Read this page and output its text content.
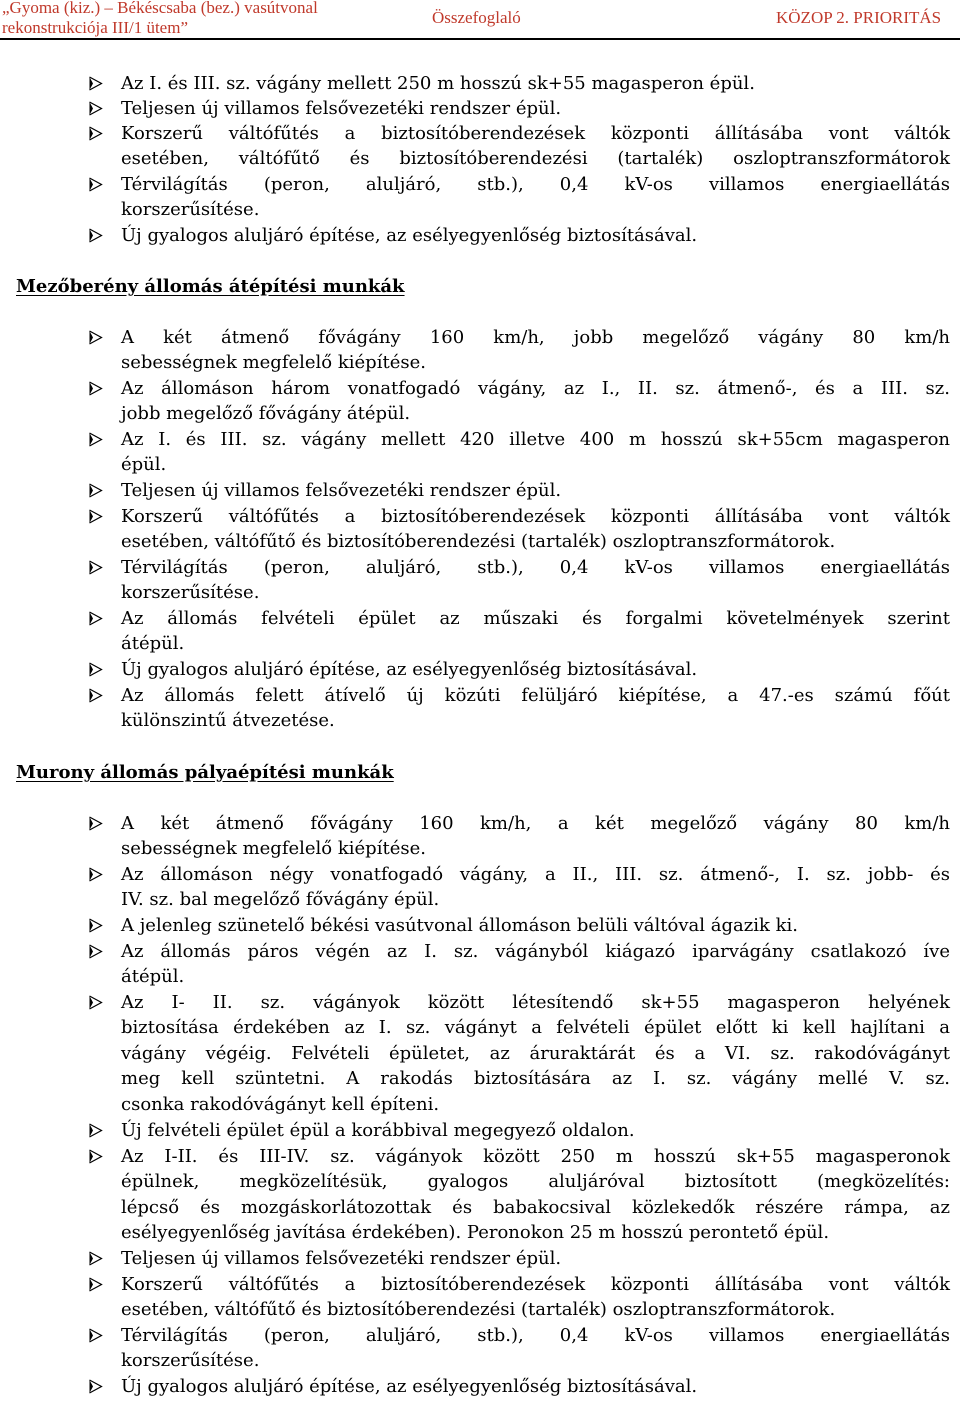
„Gyoma (kiz.) – Békéscsaba (bez.) vasútvonal
rekonstrukciója III/1 ütem”
Összefoglaló	KÖZOP 2. PRIORITÁS
Az I. és III. sz. vágány mellett 250 m hosszú sk+55 magasperon épül.
Teljesen új villamos felsővezetéki rendszer épül.
Korszerű váltófűtés a biztosítóberendezések központi állításába vont váltók
esetében, váltófűtő és biztosítóberendezési (tartalék) oszloptranszformátorok
Térvilágítás (peron, aluljáró, stb.), 0,4 kV-os villamos energiaellátás
korszerűsítése.
Új gyalogos aluljáró építése, az esélyegyenlőség biztosításával.
Mezőberény állomás átépítési munkák
A két átmenő fővágány 160 km/h, jobb megelőző vágány 80 km/h
sebességnek megfelelő kiépítése.
Az állomáson három vonatfogadó vágány, az I., II. sz. átmenő-, és a III. sz.
jobb megelőző fővágány átépül.
Az I. és III. sz. vágány mellett 420 illetve 400 m hosszú sk+55cm magasperon
épül.
Teljesen új villamos felsővezetéki rendszer épül.
Korszerű váltófűtés a biztosítóberendezések központi állításába vont váltók
esetében, váltófűtő és biztosítóberendezési (tartalék) oszloptranszformátorok.
Térvilágítás (peron, aluljáró, stb.), 0,4 kV-os villamos energiaellátás
korszerűsítése.
Az állomás felvételi épület az műszaki és forgalmi követelmények szerint
átépül.
Új gyalogos aluljáró építése, az esélyegyenlőség biztosításával.
Az állomás felett átívelő új közúti felüljáró kiépítése, a 47.-es számú főút
különszintű átvezetése.
Murony állomás pályaépítési munkák
A két átmenő fővágány 160 km/h, a két megelőző vágány 80 km/h
sebességnek megfelelő kiépítése.
Az állomáson négy vonatfogadó vágány, a II., III. sz. átmenő-, I. sz. jobb- és
IV. sz. bal megelőző fővágány épül.
A jelenleg szünetelő békési vasútvonal állomáson belüli váltóval ágazik ki.
Az állomás páros végén az I. sz. vágányból kiágazó iparvágány csatlakozó íve
átépül.
Az I- II. sz. vágányok között létesítendő sk+55 magasperon helyének
biztosítása érdekében az I. sz. vágányt a felvételi épület előtt ki kell hajlítani a
vágány végéig. Felvételi épületet, az áruraktárát és a VI. sz. rakodóvágányt
meg kell szüntetni. A rakodás biztosítására az I. sz. vágány mellé V. sz.
csonka rakodóvágányt kell építeni.
Új felvételi épület épül a korábbival megegyező oldalon.
Az I-II. és III-IV. sz. vágányok között 250 m hosszú sk+55 magasperonok
épülnek, megközelítésük, gyalogos aluljáróval biztosított (megközelítés:
lépcső és mozgáskorlátozottak és babakocsival közlekedők részére rámpa, az
esélyegyenlőség javítása érdekében). Peronokon 25 m hosszú perontető épül.
Teljesen új villamos felsővezetéki rendszer épül.
Korszerű váltófűtés a biztosítóberendezések központi állításába vont váltók
esetében, váltófűtő és biztosítóberendezési (tartalék) oszloptranszformátorok.
Térvilágítás (peron, aluljáró, stb.), 0,4 kV-os villamos energiaellátás
korszerűsítése.
Új gyalogos aluljáró építése, az esélyegyenlőség biztosításával.
